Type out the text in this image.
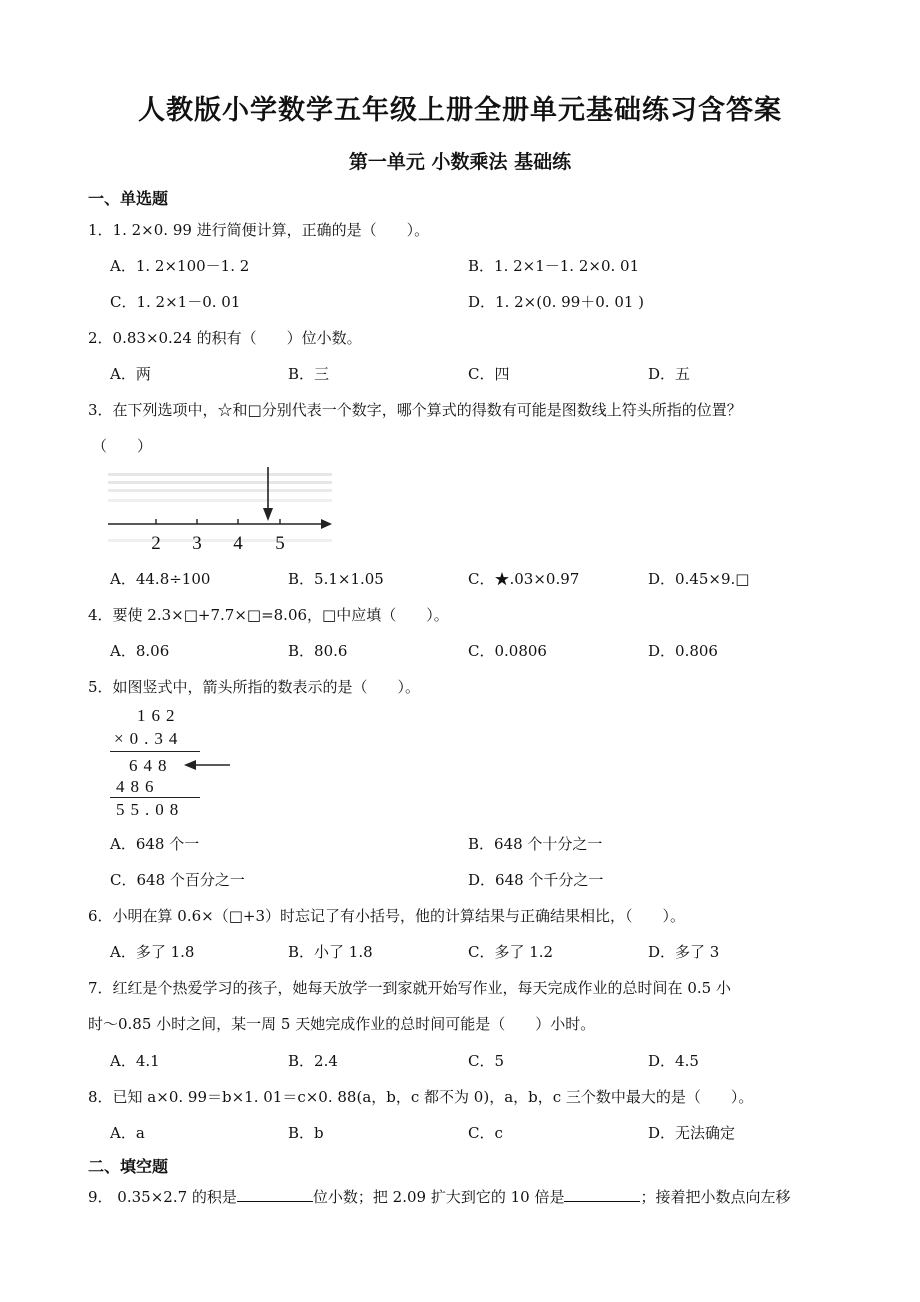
人教版小学数学五年级上册全册单元基础练习含答案
第一单元 小数乘法 基础练
一、单选题
1．1. 2×0. 99 进行简便计算，正确的是（　　）。
A．1. 2×100－1. 2	B．1. 2×1－1. 2×0. 01
C．1. 2×1－0. 01	D．1. 2×(0. 99＋0. 01 )
2．0.83×0.24 的积有（　　）位小数。
A．两	B．三	C．四	D．五
3．在下列选项中，☆和□分别代表一个数字，哪个算式的得数有可能是图数线上符头所指的位置？
（　　）
2 3 4 5
A．44.8÷100	B．5.1×1.05	C．★.03×0.97	D．0.45×9.□
4．要使 2.3×□+7.7×□=8.06，□中应填（　　）。
A．8.06	B．80.6	C．0.0806	D．0.806
5．如图竖式中，箭头所指的数表示的是（　　）。
162
×0.34
648
486
55.08
A．648 个一	B．648 个十分之一
C．648 个百分之一	D．648 个千分之一
6．小明在算 0.6×（□+3）时忘记了有小括号，他的计算结果与正确结果相比，（　　）。
A．多了 1.8	B．小了 1.8	C．多了 1.2	D．多了 3
7．红红是个热爱学习的孩子，她每天放学一到家就开始写作业，每天完成作业的总时间在 0.5 小
时～0.85 小时之间，某一周 5 天她完成作业的总时间可能是（　　）小时。
A．4.1	B．2.4	C．5	D．4.5
8．已知 a×0. 99＝b×1. 01＝c×0. 88(a，b，c 都不为 0)，a，b，c 三个数中最大的是（　　）。
A．a	B．b	C．c	D．无法确定
二、填空题
9． 0.35×2.7 的积是	位小数；把 2.09 扩大到它的 10 倍是	；接着把小数点向左移
